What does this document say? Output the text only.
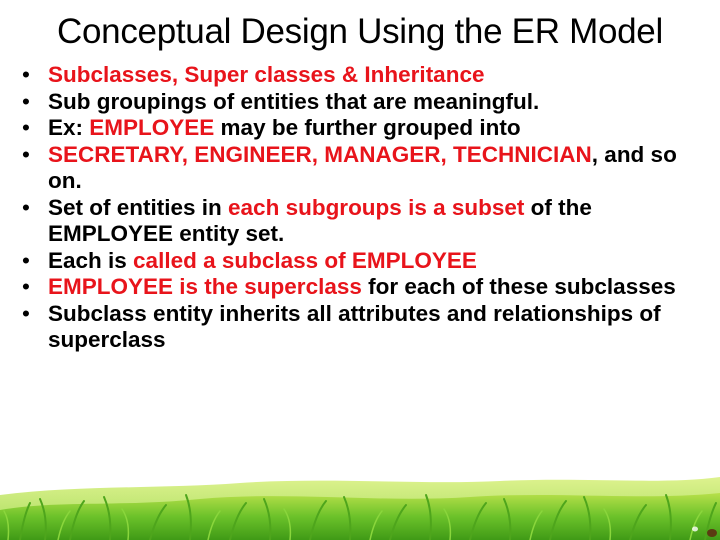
Conceptual Design Using the ER Model
• Subclasses, Super classes & Inheritance
• Sub groupings of entities that are meaningful.
• Ex: EMPLOYEE may be further grouped into
• SECRETARY, ENGINEER, MANAGER, TECHNICIAN, and so on.
• Set of entities in each subgroups is a subset of the EMPLOYEE entity set.
• Each is called a subclass of EMPLOYEE
• EMPLOYEE is the superclass for each of these subclasses
• Subclass entity inherits all attributes and relationships of superclass
